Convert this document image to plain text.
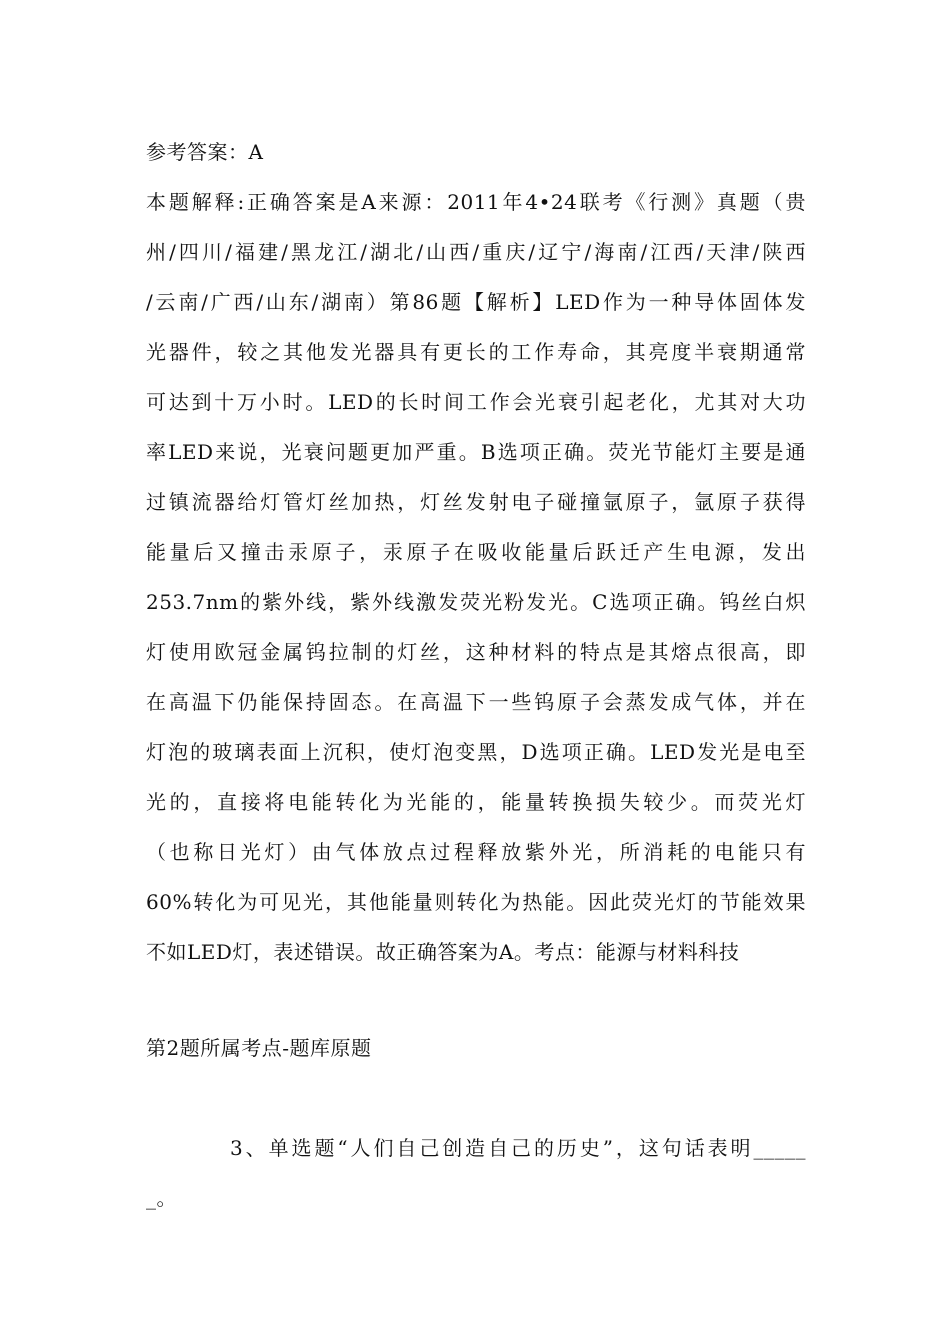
参考答案：A
本题解释:正确答案是A来源：2011年4•24联考《行测》真题（贵
州/四川/福建/黑龙江/湖北/山西/重庆/辽宁/海南/江西/天津/陕西
/云南/广西/山东/湖南）第86题【解析】LED作为一种导体固体发
光器件，较之其他发光器具有更长的工作寿命，其亮度半衰期通常
可达到十万小时。LED的长时间工作会光衰引起老化，尤其对大功
率LED来说，光衰问题更加严重。B选项正确。荧光节能灯主要是通
过镇流器给灯管灯丝加热，灯丝发射电子碰撞氩原子，氩原子获得
能量后又撞击汞原子，汞原子在吸收能量后跃迁产生电源，发出
253.7nm的紫外线，紫外线激发荧光粉发光。C选项正确。钨丝白炽
灯使用欧冠金属钨拉制的灯丝，这种材料的特点是其熔点很高，即
在高温下仍能保持固态。在高温下一些钨原子会蒸发成气体，并在
灯泡的玻璃表面上沉积，使灯泡变黑，D选项正确。LED发光是电至
光的，直接将电能转化为光能的，能量转换损失较少。而荧光灯
（也称日光灯）由气体放点过程释放紫外光，所消耗的电能只有
60%转化为可见光，其他能量则转化为热能。因此荧光灯的节能效果
不如LED灯，表述错误。故正确答案为A。考点：能源与材料科技
第2题所属考点-题库原题
3、单选题“人们自己创造自己的历史”，这句话表明_____
_。
